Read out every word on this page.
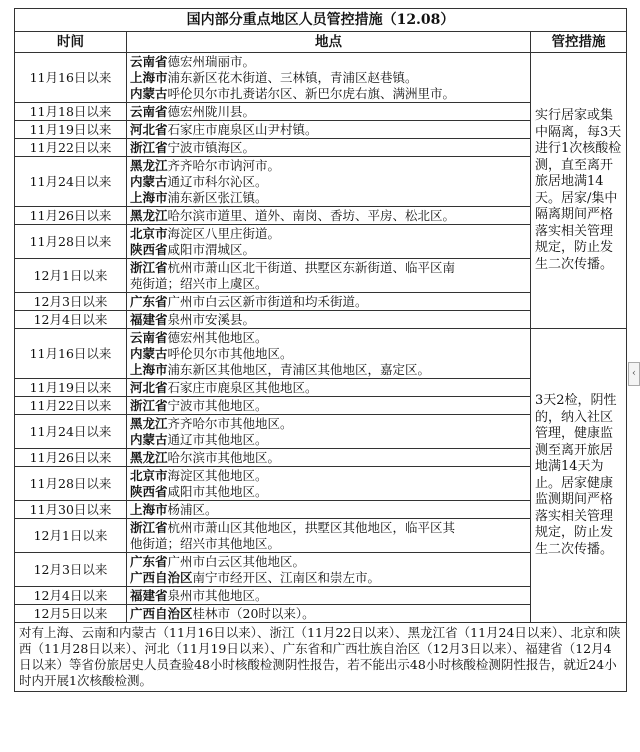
国内部分重点地区人员管控措施（12.08）		
时间	地点	管控措施
11月16日以来	云南省德宏州瑞丽市。
上海市浦东新区花木街道、三林镇，青浦区赵巷镇。
内蒙古呼伦贝尔市扎赉诺尔区、新巴尔虎右旗、满洲里市。	实行居家或集中隔离，每3天进行1次核酸检测，直至离开旅居地满14天。居家/集中隔离期间严格落实相关管理规定，防止发生二次传播。
11月18日以来	云南省德宏州陇川县。	

11月19日以来	河北省石家庄市鹿泉区山尹村镇。	

11月22日以来	浙江省宁波市镇海区。	

11月24日以来	黑龙江齐齐哈尔市讷河市。
内蒙古通辽市科尔沁区。
上海市浦东新区张江镇。	

11月26日以来	黑龙江哈尔滨市道里、道外、南岗、香坊、平房、松北区。	

11月28日以来	北京市海淀区八里庄街道。
陕西省咸阳市渭城区。	

12月1日以来	浙江省杭州市萧山区北干街道、拱墅区东新街道、临平区南
苑街道；绍兴市上虞区。	

12月3日以来	广东省广州市白云区新市街道和均禾街道。	

12月4日以来	福建省泉州市安溪县。	

11月16日以来	云南省德宏州其他地区。
内蒙古呼伦贝尔市其他地区。
上海市浦东新区其他地区，青浦区其他地区，嘉定区。	3天2检，阴性的，纳入社区管理，健康监测至离开旅居地满14天为止。居家健康监测期间严格落实相关管理规定，防止发生二次传播。
11月19日以来	河北省石家庄市鹿泉区其他地区。	

11月22日以来	浙江省宁波市其他地区。	

11月24日以来	黑龙江齐齐哈尔市其他地区。
内蒙古通辽市其他地区。	

11月26日以来	黑龙江哈尔滨市其他地区。	

11月28日以来	北京市海淀区其他地区。
陕西省咸阳市其他地区。	

11月30日以来	上海市杨浦区。	

12月1日以来	浙江省杭州市萧山区其他地区，拱墅区其他地区，临平区其
他街道；绍兴市其他地区。	

12月3日以来	广东省广州市白云区其他地区。
广西自治区南宁市经开区、江南区和崇左市。	

12月4日以来	福建省泉州市其他地区。	

12月5日以来	广西自治区桂林市（20时以来）。	

对有上海、云南和内蒙古（11月16日以来）、浙江（11月22日以来）、黑龙江省（11月24日以来）、北京和陕西（11月28日以来）、河北（11月19日以来）、广东省和广西壮族自治区（12月3日以来）、福建省（12月4日以来）等省份旅居史人员查验48小时核酸检测阴性报告，若不能出示48小时核酸检测阴性报告，就近24小时内开展1次核酸检测。		
‹
